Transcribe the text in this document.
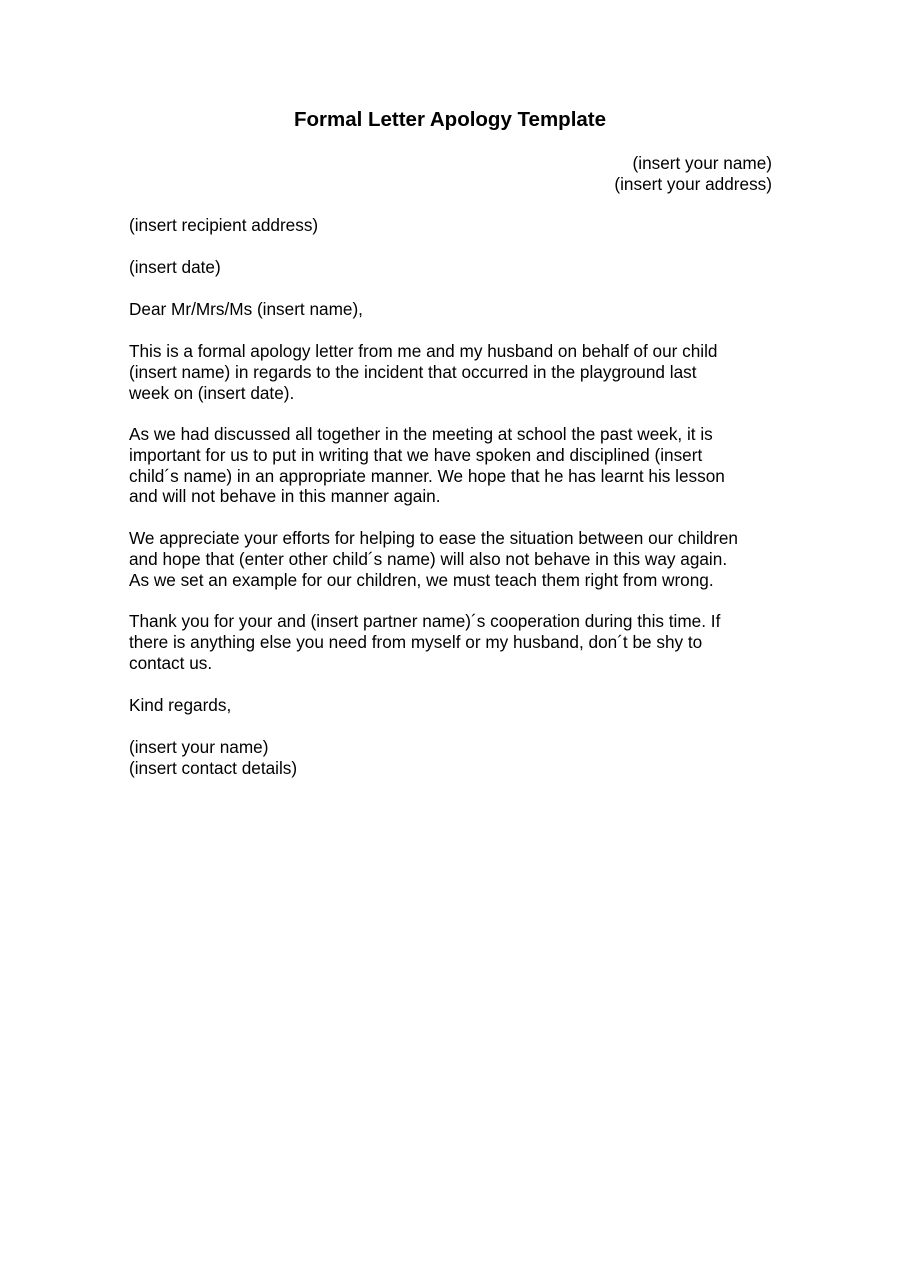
Formal Letter Apology Template

(insert your name)

(insert your address)

(insert recipient address)

(insert date)

Dear Mr/Mrs/Ms (insert name),

This is a formal apology letter from me and my husband on behalf of our child
(insert name) in regards to the incident that occurred in the playground last
week on (insert date).

As we had discussed all together in the meeting at school the past week, it is
important for us to put in writing that we have spoken and disciplined (insert
child´s name) in an appropriate manner. We hope that he has learnt his lesson
and will not behave in this manner again.

We appreciate your efforts for helping to ease the situation between our children
and hope that (enter other child´s name) will also not behave in this way again.
As we set an example for our children, we must teach them right from wrong.

Thank you for your and (insert partner name)´s cooperation during this time. If
there is anything else you need from myself or my husband, don´t be shy to
contact us.

Kind regards,

(insert your name)

(insert contact details)
